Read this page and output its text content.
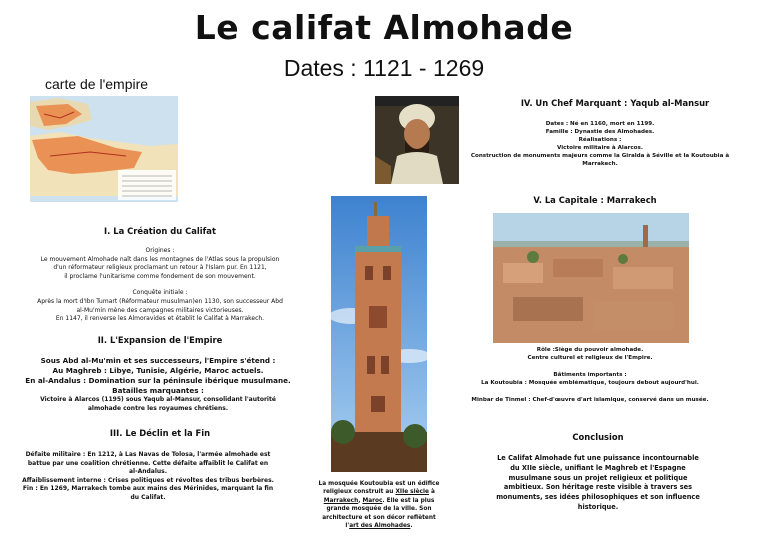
Le califat Almohade
Dates : 1121 - 1269
carte de l'empire
I. La Création du Califat
Origines :
Le mouvement Almohade naît dans les montagnes de l'Atlas sous la propulsion
d'un réformateur religieux proclamant un retour à l'Islam pur. En 1121,
il proclame l'unitarisme comme fondement de son mouvement.
Conquête initiale :
Après la mort d'Ibn Tumart (Réformateur musulman)en 1130, son successeur Abd
al-Mu'min mène des campagnes militaires victorieuses.
En 1147, il renverse les Almoravides et établit le Califat à Marrakech.
II. L'Expansion de l'Empire
Sous Abd al-Mu'min et ses successeurs, l'Empire s'étend :
Au Maghreb : Libye, Tunisie, Algérie, Maroc actuels.
En al-Andalus : Domination sur la péninsule ibérique musulmane.
Batailles marquantes :
Victoire à Alarcos (1195) sous Yaqub al-Mansur, consolidant l'autorité
almohade contre les royaumes chrétiens.
III. Le Déclin et la Fin
Défaite militaire : En 1212, à Las Navas de Tolosa, l'armée almohade est
battue par une coalition chrétienne. Cette défaite affaiblit le Califat en
al-Andalus.
Affaiblissement interne : Crises politiques et révoltes des tribus berbères.
Fin : En 1269, Marrakech tombe aux mains des Mérinides, marquant la fin
du Califat.
IV. Un Chef Marquant : Yaqub al-Mansur
Dates : Né en 1160, mort en 1199.
Famille : Dynastie des Almohades.
Réalisations :
Victoire militaire à Alarcos.
Construction de monuments majeurs comme la Giralda à Séville et la Koutoubia à
Marrakech.
La mosquée Koutoubia est un édifice
religieux construit au XIIe siècle à
Marrakech, Maroc. Elle est la plus
grande mosquée de la ville. Son
architecture et son décor reflètent
l'art des Almohades.
V. La Capitale : Marrakech
Rôle :Siège du pouvoir almohade.
Centre culturel et religieux de l'Empire.
Bâtiments importants :
La Koutoubia : Mosquée emblématique, toujours debout aujourd'hui.
Minbar de Tinmel : Chef-d'œuvre d'art islamique, conservé dans un musée.
Conclusion
Le Califat Almohade fut une puissance incontournable
du XIIe siècle, unifiant le Maghreb et l'Espagne
musulmane sous un projet religieux et politique
ambitieux. Son héritage reste visible à travers ses
monuments, ses idées philosophiques et son influence
historique.
